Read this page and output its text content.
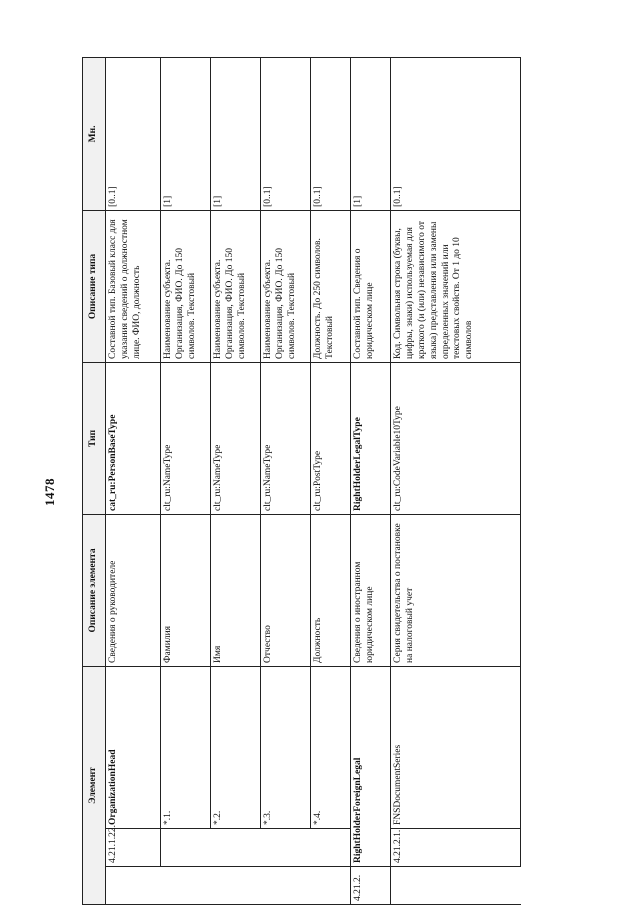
1478
Элемент			Описание элемента	Тип	Описание типа	Мн.
	4.21.1.22.	OrganizationHead	Сведения о руководителе	cat_ru:PersonBaseType	Составной тип. Базовый класс для указания сведений о должностном лице. ФИО, должность	[0..1]
		*.1.	Фамилия	clt_ru:NameType	Наименование субъекта. Организация, ФИО. До 150 символов. Текстовый	[1]
		*.2.	Имя	clt_ru:NameType	Наименование субъекта. Организация, ФИО. До 150 символов. Текстовый	[1]
		*.3.	Отчество	clt_ru:NameType	Наименование субъекта. Организация, ФИО. До 150 символов. Текстовый	[0..1]
		*.4.	Должность	clt_ru:PostType	Должность. До 250 символов. Текстовый	[0..1]
4.21.2.	RightHolderForeignLegal		Сведения о иностранном юридическом лице	RightHolderLegalType	Составной тип. Сведения о юридическом лице	[1]
	4.21.2.1.	FNSDocumentSeries	Серия свидетельства о постановке на налоговый учет	clt_ru:CodeVariable10Type	Код. Символьная строка (буквы, цифры, знаки) используемая для краткого (и (или) независимого от языка) представления или замены определенных значений или текстовых свойств. От 1 до 10 символов	[0..1]
